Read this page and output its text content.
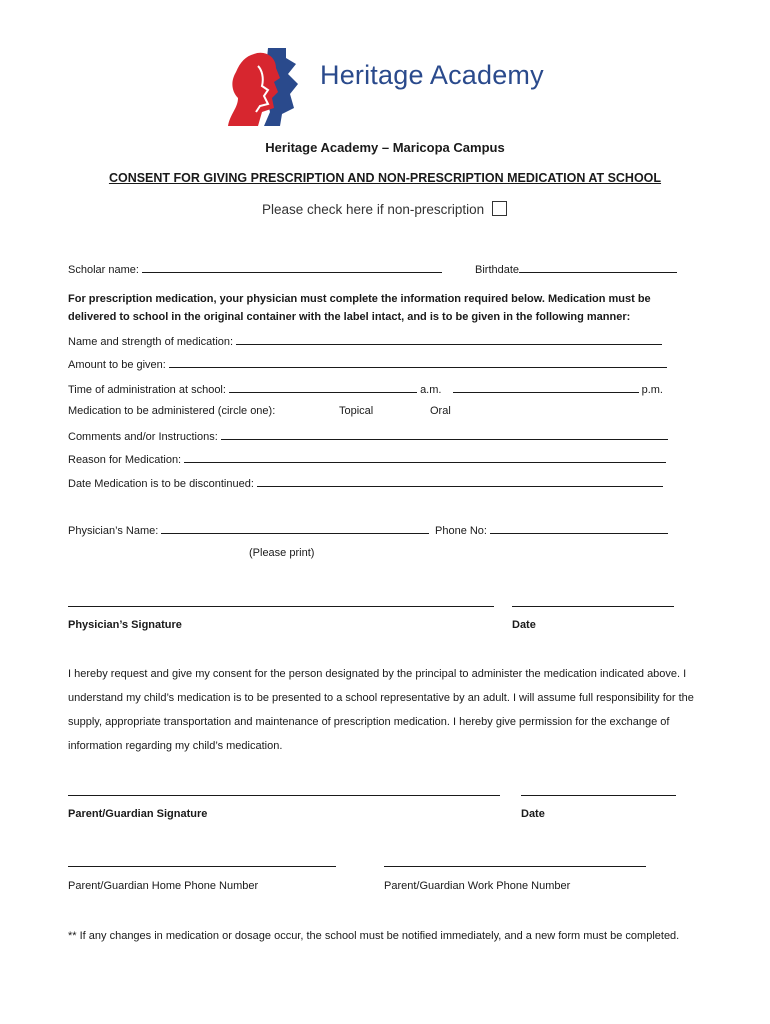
Heritage Academy
Heritage Academy – Maricopa Campus
CONSENT FOR GIVING PRESCRIPTION AND NON-PRESCRIPTION MEDICATION AT SCHOOL
Please check here if non-prescription
Scholar name:	Birthdate
For prescription medication, your physician must complete the information required below. Medication must be delivered to school in the original container with the label intact, and is to be given in the following manner:
Name and strength of medication:
Amount to be given:
Time of administration at school:	a.m.	p.m.
Medication to be administered (circle one):	Topical	Oral
Comments and/or Instructions:
Reason for Medication:
Date Medication is to be discontinued:
Physician’s Name:	Phone No:
(Please print)
Physician’s Signature	Date
I hereby request and give my consent for the person designated by the principal to administer the medication indicated above. I understand my child’s medication is to be presented to a school representative by an adult. I will assume full responsibility for the supply, appropriate transportation and maintenance of prescription medication. I hereby give permission for the exchange of information regarding my child’s medication.
Parent/Guardian Signature	Date
Parent/Guardian Home Phone Number	Parent/Guardian Work Phone Number
** If any changes in medication or dosage occur, the school must be notified immediately, and a new form must be completed.
